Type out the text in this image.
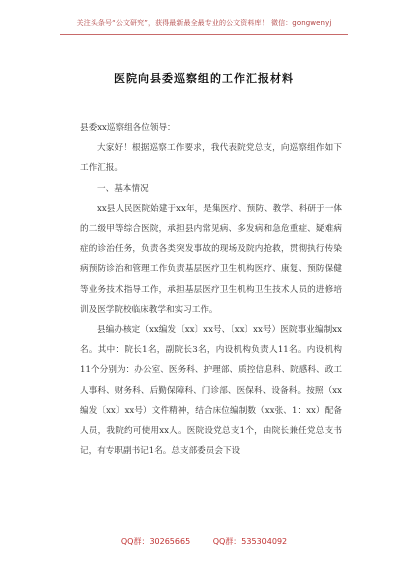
关注头条号“公文研究”，获得最新最全最专业的公文资料库！ 微信：gongwenyj
医院向县委巡察组的工作汇报材料

县委xx巡察组各位领导：

大家好！根据巡察工作要求，我代表院党总支，向巡察组作如下工作汇报。

一、基本情况

xx县人民医院始建于xx年，是集医疗、预防、教学、科研于一体的二级甲等综合医院，承担县内常见病、多发病和急危重症、疑难病症的诊治任务，负责各类突发事故的现场及院内抢救，贯彻执行传染病预防诊治和管理工作负责基层医疗卫生机构医疗、康复、预防保健等业务技术指导工作，承担基层医疗卫生机构卫生技术人员的进修培训及医学院校临床教学和实习工作。

县编办核定（xx编发〔xx〕xx号、〔xx〕xx号）医院事业编制xx名。其中：院长1名，副院长3名，内设机构负责人11名。内设机构11个分别为：办公室、医务科、护理部、质控信息科、院感科、政工人事科、财务科、后勤保障科、门诊部、医保科、设备科。按照（xx编发〔xx〕xx号）文件精神，结合床位编制数（xx张、1：xx）配备人员，我院约可使用xx人。医院设党总支1个，由院长兼任党总支书记，有专职副书记1名。总支部委员会下设

QQ群：30265665	QQ群：535304092
